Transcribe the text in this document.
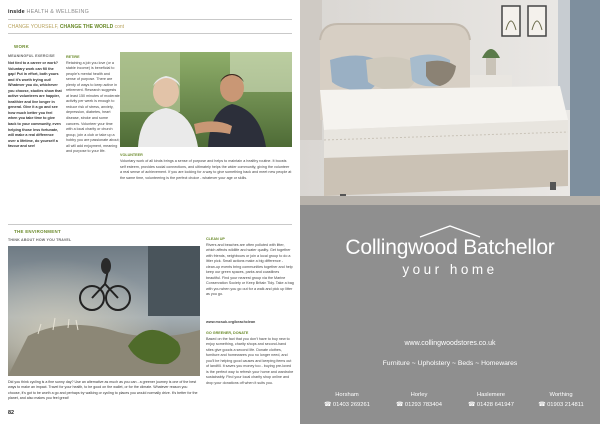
inside HEALTH & WELLBEING
CHANGE YOURSELF, CHANGE THE WORLD cont
WORK
MEANINGFUL EXERCISE
Not tied to a career or work? Voluntary work can fill the gap! Put in effort, both yours and it's worth trying out! Whatever you do, whichever you choose, studies show that active volunteers are happier, healthier and live longer in general. Give it a go and see how much better you feel when you take time to give back to your community, even helping those less fortunate, will make a real difference over a lifetime, do yourself a favour and see!
RETIRE
Retaining a job you love (or a stable income) is beneficial to people's mental health and sense of purpose. There are plenty of ways to keep active in retirement. Research suggests at least 150 minutes of moderate activity per week is enough to reduce risk of stress, anxiety, depression, diabetes, heart disease, stroke and some cancers. Volunteer your time with a local charity or church group, join a club or take up a hobby you are passionate about; all will add enjoyment, meaning and purpose to your life.
VOLUNTEER
Voluntary work of all kinds brings a sense of purpose and helps to maintain a healthy routine. It boosts self esteem, provides social connections, and ultimately helps the wider community, giving the volunteer a real sense of achievement. If you are looking for a way to give something back and meet new people at the same time, volunteering is the perfect choice - whatever your age or skills.
THE ENVIRONMENT
THINK ABOUT HOW YOU TRAVEL
Did you think cycling is a fine sunny day? Use an alternative as much as you can - a greener journey is one of the best ways to make an impact. Travel for your health, to be good on the wallet, or for the climate. Whatever reason you choose, it's got to be worth a go and perhaps try walking or cycling to places you would normally drive. It's better for the planet, and also makes you feel great!
CLEAN UP
Rivers and beaches are often polluted with litter, which affects wildlife and water quality. Get together with friends, neighbours or join a local group to do a litter pick. Small actions make a big difference - clean-up events bring communities together and help keep our green spaces, parks and coastlines beautiful. Find your nearest group via the Marine Conservation Society or Keep Britain Tidy. Take a bag with you when you go out for a walk and pick up litter as you go.
www.mcsuk.org/beachclean
GO GREENER, DONATE
Based on the fact that you don't have to buy new to enjoy something, charity shops and second-hand sites give goods a second life. Donate clothes, furniture and homewares you no longer need, and you'll be helping good causes and keeping items out of landfill. It saves you money too - buying pre-loved is the perfect way to refresh your home and wardrobe sustainably. Find your local charity shop online and drop your donations off when it suits you.
82
Collingwood Batchellor
your home
www.collingwoodstores.co.uk
Furniture ~ Upholstery ~ Beds ~ Homewares
Horsham
☎ 01403 269261
Horley
☎ 01293 783404
Haslemere
☎ 01428 641947
Worthing
☎ 01903 214811
